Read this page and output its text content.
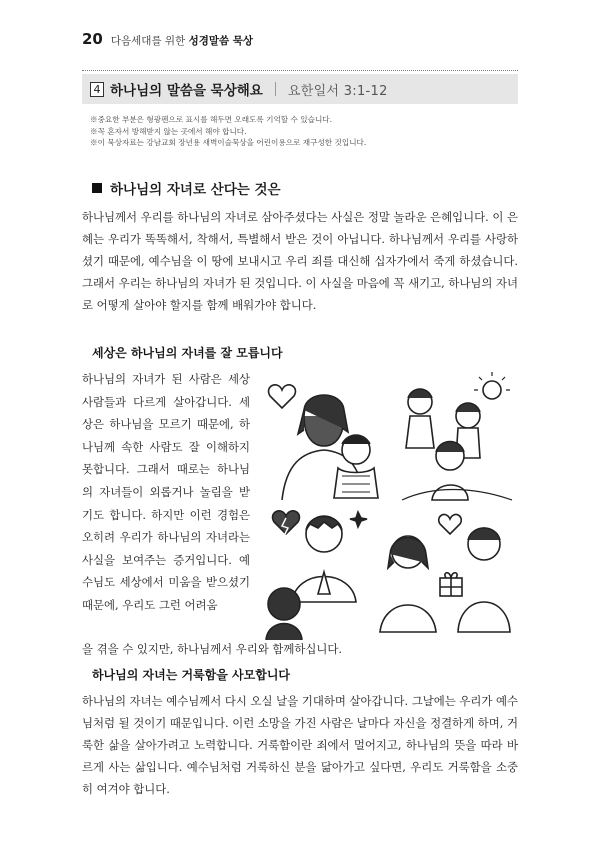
20 다음세대를 위한 성경말씀 묵상
4 하나님의 말씀을 묵상해요 요한일서 3:1-12
※중요한 부분은 형광펜으로 표시를 해두면 오래도록 기억할 수 있습니다.
※꼭 혼자서 방해받지 않는 곳에서 해야 합니다.
※이 묵상자료는 강남교회 장년용 새벽이슬묵상을 어린이용으로 재구성한 것입니다.
하나님의 자녀로 산다는 것은
하나님께서 우리를 하나님의 자녀로 삼아주셨다는 사실은 정말 놀라운 은혜입니다. 이 은혜는 우리가 똑똑해서, 착해서, 특별해서 받은 것이 아닙니다. 하나님께서 우리를 사랑하셨기 때문에, 예수님을 이 땅에 보내시고 우리 죄를 대신해 십자가에서 죽게 하셨습니다. 그래서 우리는 하나님의 자녀가 된 것입니다. 이 사실을 마음에 꼭 새기고, 하나님의 자녀로 어떻게 살아야 할지를 함께 배워가야 합니다.
세상은 하나님의 자녀를 잘 모릅니다
하나님의 자녀가 된 사람은 세상 사람들과 다르게 살아갑니다. 세상은 하나님을 모르기 때문에, 하나님께 속한 사람도 잘 이해하지 못합니다. 그래서 때로는 하나님의 자녀들이 외롭거나 놀림을 받기도 합니다. 하지만 이런 경험은 오히려 우리가 하나님의 자녀라는 사실을 보여주는 증거입니다. 예수님도 세상에서 미움을 받으셨기 때문에, 우리도 그런 어려움
을 겪을 수 있지만, 하나님께서 우리와 함께하십니다.
하나님의 자녀는 거룩함을 사모합니다
하나님의 자녀는 예수님께서 다시 오실 날을 기대하며 살아갑니다. 그날에는 우리가 예수님처럼 될 것이기 때문입니다. 이런 소망을 가진 사람은 날마다 자신을 정결하게 하며, 거룩한 삶을 살아가려고 노력합니다. 거룩함이란 죄에서 멀어지고, 하나님의 뜻을 따라 바르게 사는 삶입니다. 예수님처럼 거룩하신 분을 닮아가고 싶다면, 우리도 거룩함을 소중히 여겨야 합니다.
